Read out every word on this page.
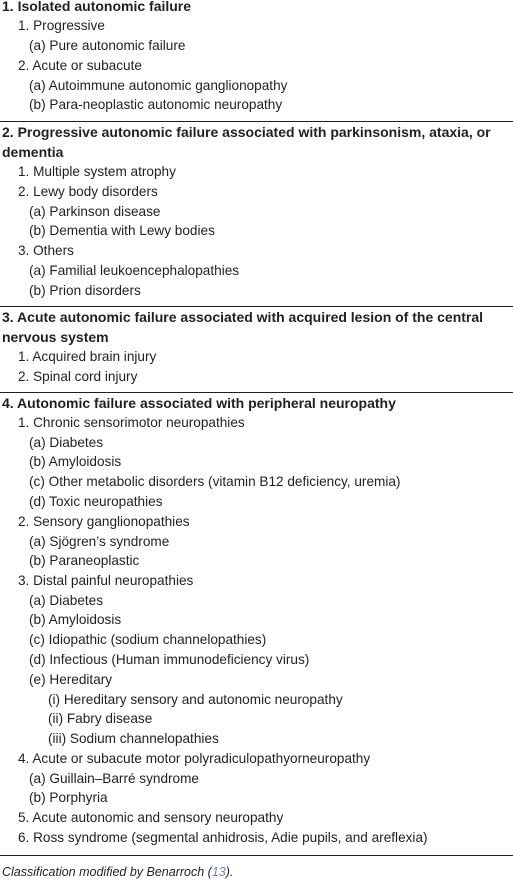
1. Isolated autonomic failure
1. Progressive
(a) Pure autonomic failure
2. Acute or subacute
(a) Autoimmune autonomic ganglionopathy
(b) Para-neoplastic autonomic neuropathy
2. Progressive autonomic failure associated with parkinsonism, ataxia, or dementia
1. Multiple system atrophy
2. Lewy body disorders
(a) Parkinson disease
(b) Dementia with Lewy bodies
3. Others
(a) Familial leukoencephalopathies
(b) Prion disorders
3. Acute autonomic failure associated with acquired lesion of the central nervous system
1. Acquired brain injury
2. Spinal cord injury
4. Autonomic failure associated with peripheral neuropathy
1. Chronic sensorimotor neuropathies
(a) Diabetes
(b) Amyloidosis
(c) Other metabolic disorders (vitamin B12 deficiency, uremia)
(d) Toxic neuropathies
2. Sensory ganglionopathies
(a) Sjögren’s syndrome
(b) Paraneoplastic
3. Distal painful neuropathies
(a) Diabetes
(b) Amyloidosis
(c) Idiopathic (sodium channelopathies)
(d) Infectious (Human immunodeficiency virus)
(e) Hereditary
(i) Hereditary sensory and autonomic neuropathy
(ii) Fabry disease
(iii) Sodium channelopathies
4. Acute or subacute motor polyradiculopathyorneuropathy
(a) Guillain–Barré syndrome
(b) Porphyria
5. Acute autonomic and sensory neuropathy
6. Ross syndrome (segmental anhidrosis, Adie pupils, and areflexia)
Classification modified by Benarroch (13).
